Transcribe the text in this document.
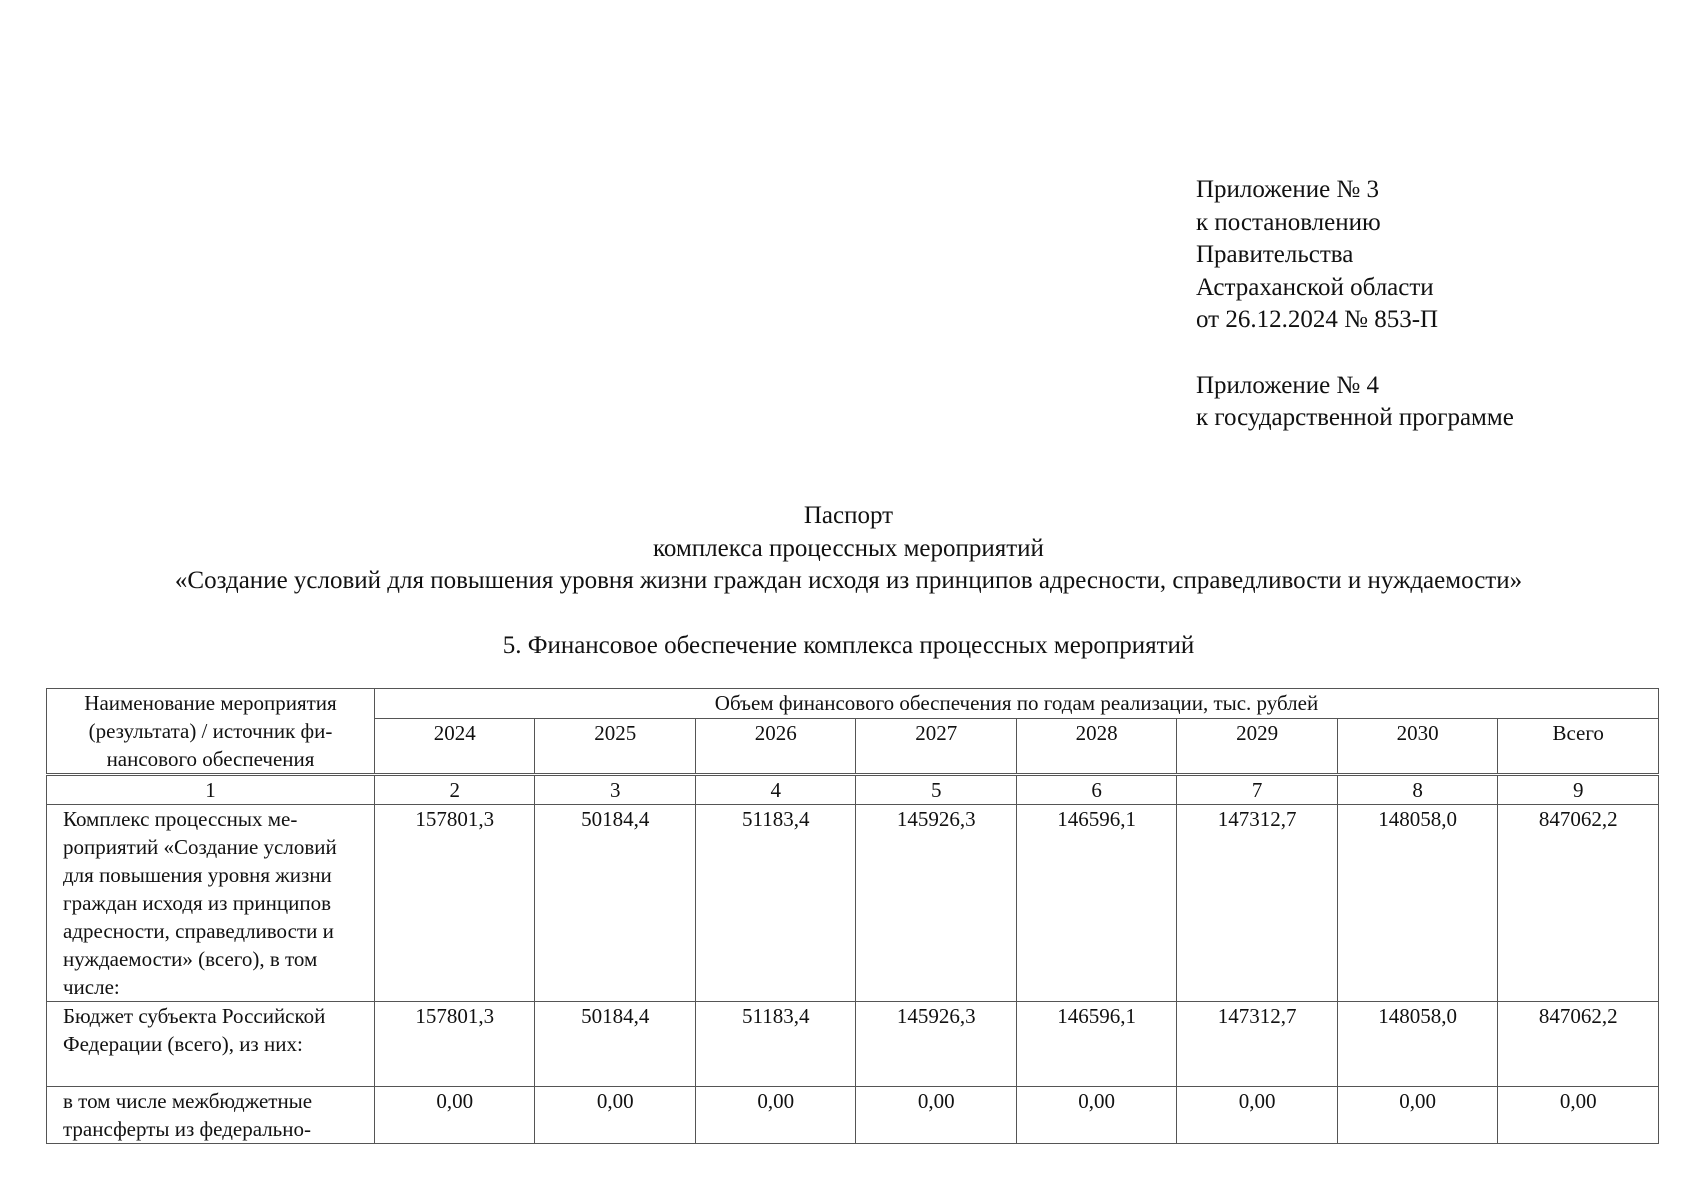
Приложение № 3
к постановлению
Правительства
Астраханской области
от 26.12.2024 № 853-П
Приложение № 4
к государственной программе
Паспорт
комплекса процессных мероприятий
«Создание условий для повышения уровня жизни граждан исходя из принципов адресности, справедливости и нуждаемости»
5. Финансовое обеспечение комплекса процессных мероприятий
Наименование мероприятия (результата) / источник финансового обеспечения	Объем финансового обеспечения по годам реализации, тыс. рублей							
	2024	2025	2026	2027	2028	2029	2030	Всего
1	2	3	4	5	6	7	8	9
Комплекс процессных мероприятий «Создание условий для повышения уровня жизни граждан исходя из принципов адресности, справедливости и нуждаемости» (всего), в том числе:	157801,3	50184,4	51183,4	145926,3	146596,1	147312,7	148058,0	847062,2
Бюджет субъекта Российской Федерации (всего), из них:	157801,3	50184,4	51183,4	145926,3	146596,1	147312,7	148058,0	847062,2
в том числе межбюджетные трансферты из федерально-	0,00	0,00	0,00	0,00	0,00	0,00	0,00	0,00
